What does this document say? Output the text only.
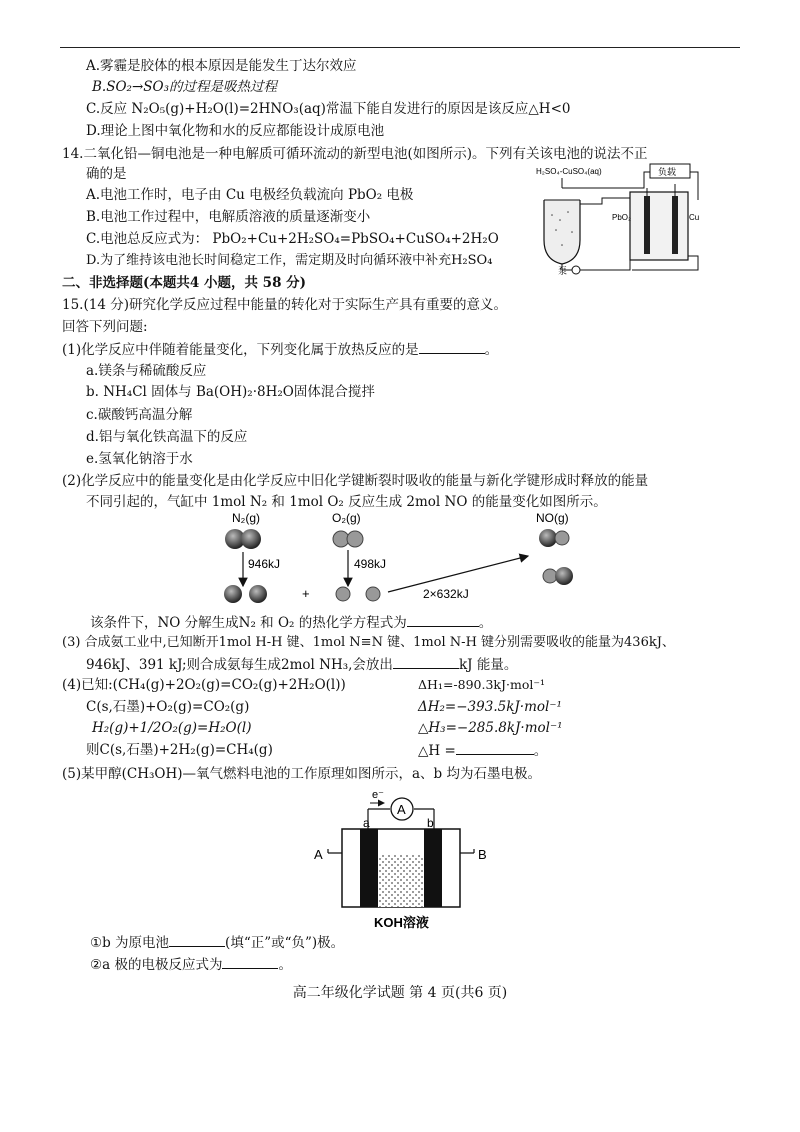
A.雾霾是胶体的根本原因是能发生丁达尔效应
B.SO₂→SO₃的过程是吸热过程
C.反应 N₂O₅(g)+H₂O(l)=2HNO₃(aq)常温下能自发进行的原因是该反应△H<0
D.理论上图中氧化物和水的反应都能设计成原电池
14.二氧化铅—铜电池是一种电解质可循环流动的新型电池(如图所示)。下列有关该电池的说法不正
确的是
A.电池工作时，电子由 Cu 电极经负载流向 PbO₂ 电极
B.电池工作过程中，电解质溶液的质量逐渐变小
C.电池总反应式为： PbO₂+Cu+2H₂SO₄=PbSO₄+CuSO₄+2H₂O
D.为了维持该电池长时间稳定工作，需定期及时向循环液中补充H₂SO₄
H₂SO₄-CuSO₄(aq)	负载
PbO₂	Cu
泵
二、非选择题(本题共4 小题，共 58 分)
15.(14 分)研究化学反应过程中能量的转化对于实际生产具有重要的意义。
回答下列问题:
(1)化学反应中伴随着能量变化，下列变化属于放热反应的是	。
a.镁条与稀硫酸反应
b. NH₄Cl 固体与 Ba(OH)₂·8H₂O固体混合搅拌
c.碳酸钙高温分解
d.铝与氧化铁高温下的反应
e.氢氧化钠溶于水
(2)化学反应中的能量变化是由化学反应中旧化学键断裂时吸收的能量与新化学键形成时释放的能量
不同引起的，气缸中 1mol N₂ 和 1mol O₂ 反应生成 2mol NO 的能量变化如图所示。
N₂(g)
946kJ
+
O₂(g)
498kJ
2×632kJ
NO(g)
该条件下，NO 分解生成N₂ 和 O₂ 的热化学方程式为	。
(3) 合成氨工业中,已知断开1mol H-H 键、1mol N≡N 键、1mol N-H 键分别需要吸收的能量为436kJ、
946kJ、391 kJ;则合成氨每生成2mol NH₃,会放出	kJ 能量。
(4)已知:(CH₄(g)+2O₂(g)=CO₂(g)+2H₂O(l))	ΔH₁=-890.3kJ·mol⁻¹
C(s,石墨)+O₂(g)=CO₂(g)	ΔH₂=−393.5kJ·mol⁻¹
H₂(g)+1/2O₂(g)=H₂O(l)	△H₃=−285.8kJ·mol⁻¹
则C(s,石墨)+2H₂(g)=CH₄(g)	△H =	。
(5)某甲醇(CH₃OH)—氧气燃料电池的工作原理如图所示，a、b 均为石墨电极。
A
e⁻
a	b
A	B
KOH溶液
①b 为原电池	(填“正”或“负”)极。
②a 极的电极反应式为	。
高二年级化学试题 第 4 页(共6 页)
